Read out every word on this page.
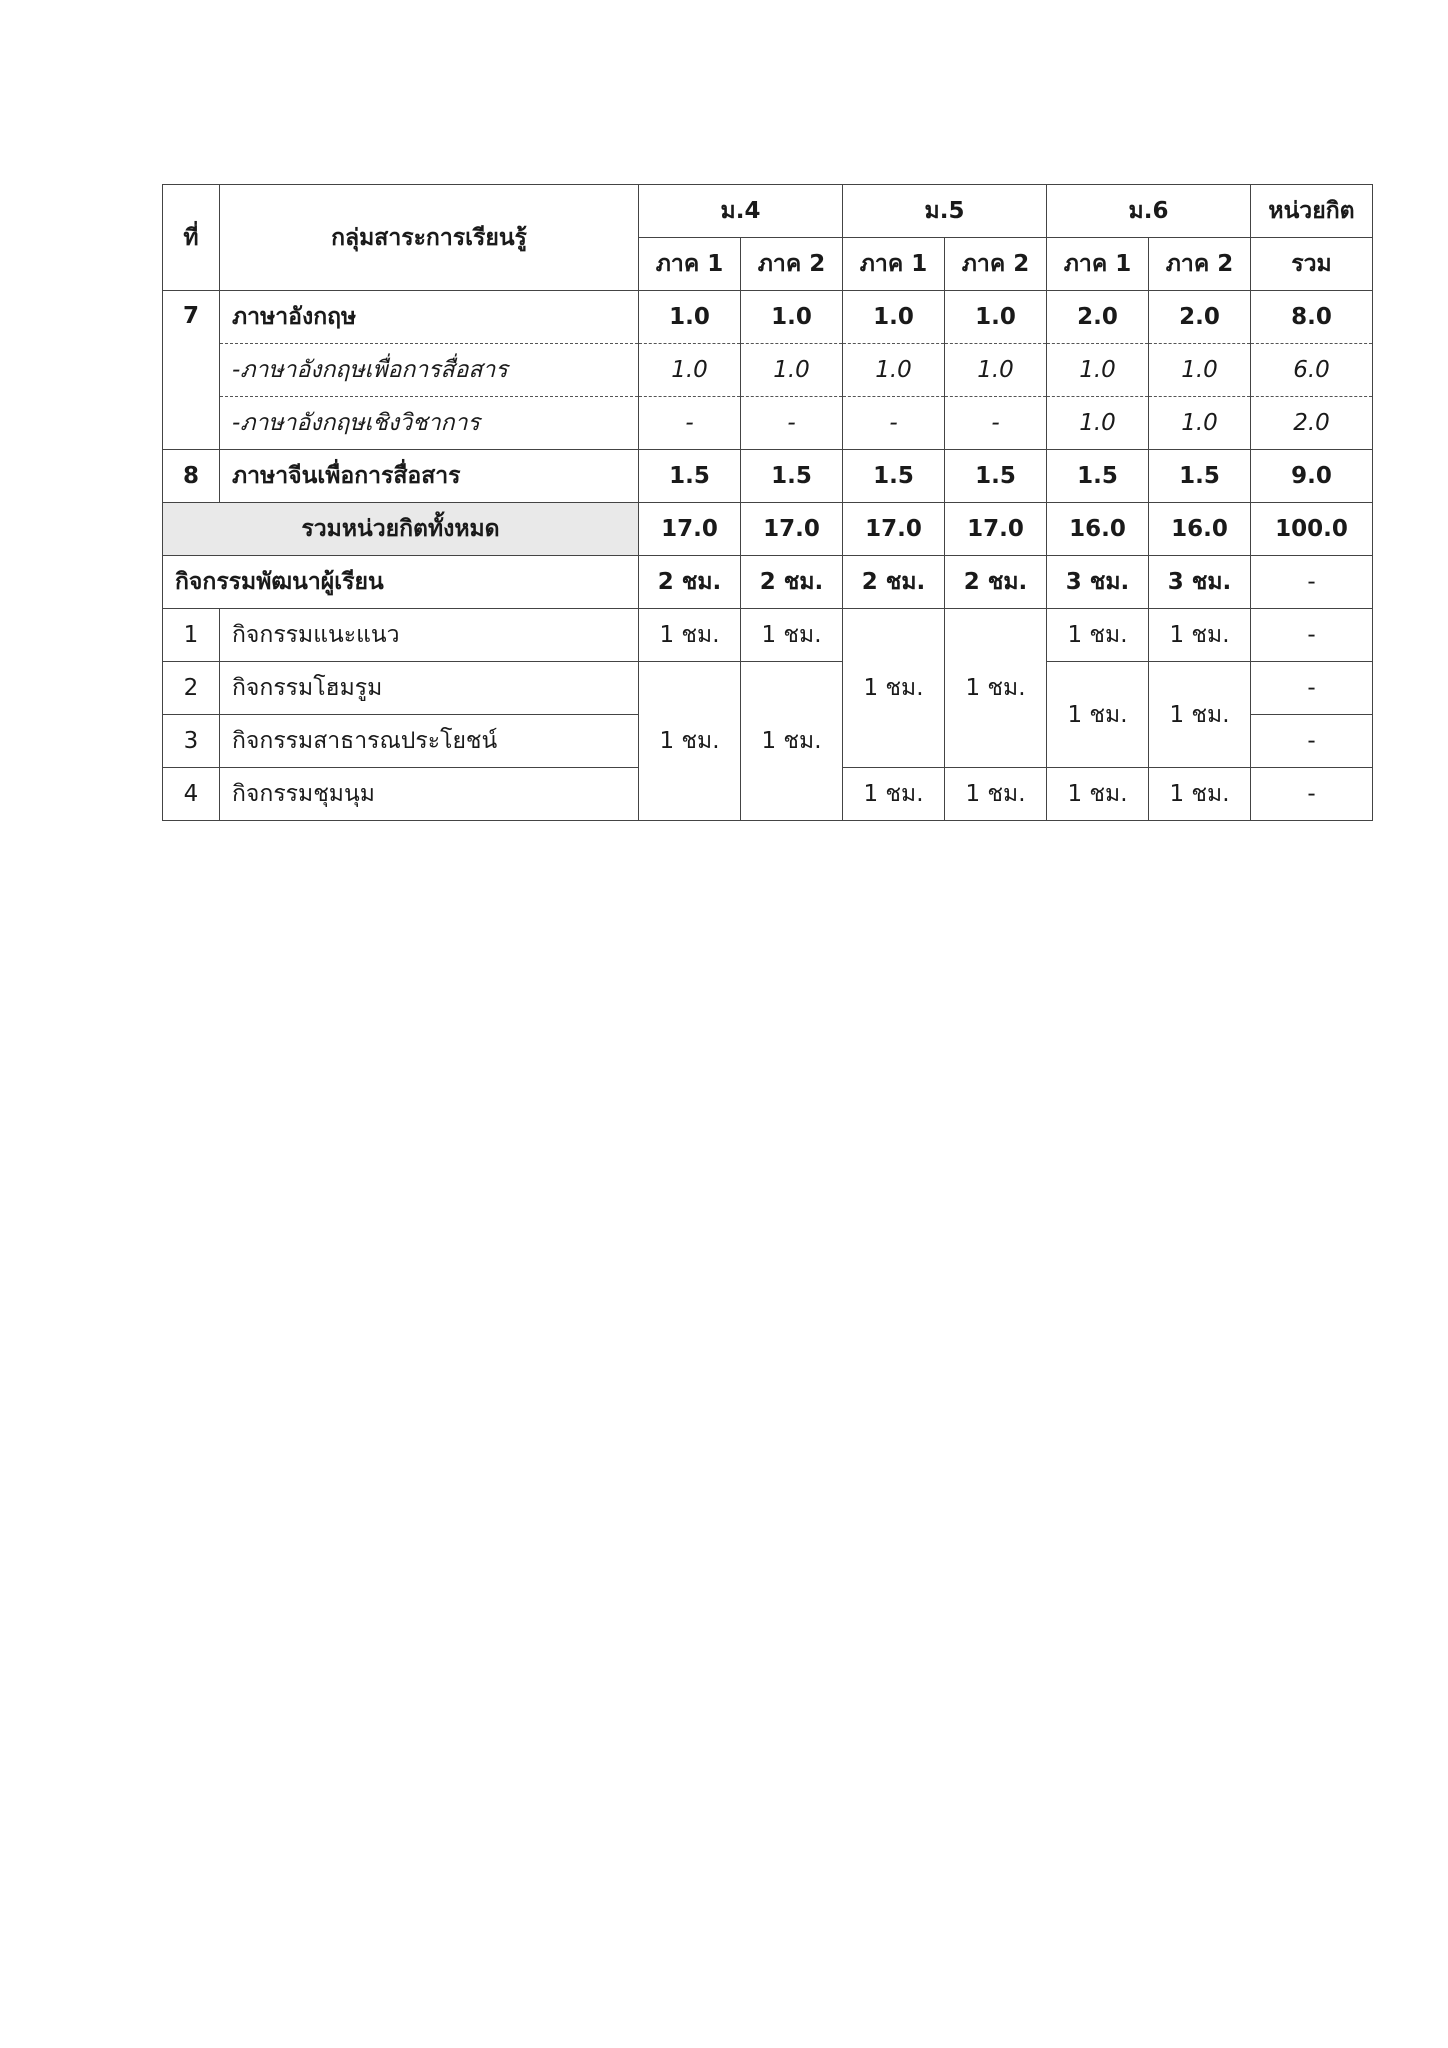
ที่	กลุ่มสาระการเรียนรู้	ม.4		ม.5		ม.6		หน่วยกิต
		ภาค 1	ภาค 2	ภาค 1	ภาค 2	ภาค 1	ภาค 2	รวม
7	ภาษาอังกฤษ	1.0	1.0	1.0	1.0	2.0	2.0	8.0
	-ภาษาอังกฤษเพื่อการสื่อสาร	1.0	1.0	1.0	1.0	1.0	1.0	6.0
	-ภาษาอังกฤษเชิงวิชาการ	-	-	-	-	1.0	1.0	2.0
8	ภาษาจีนเพื่อการสื่อสาร	1.5	1.5	1.5	1.5	1.5	1.5	9.0
รวมหน่วยกิตทั้งหมด		17.0	17.0	17.0	17.0	16.0	16.0	100.0
กิจกรรมพัฒนาผู้เรียน		2 ชม.	2 ชม.	2 ชม.	2 ชม.	3 ชม.	3 ชม.	-
1	กิจกรรมแนะแนว	1 ชม.	1 ชม.	1 ชม.	1 ชม.	1 ชม.	1 ชม.	-
2	กิจกรรมโฮมรูม	1 ชม.	1 ชม.			1 ชม.	1 ชม.	-
3	กิจกรรมสาธารณประโยชน์							-
4	กิจกรรมชุมนุม			1 ชม.	1 ชม.	1 ชม.	1 ชม.	-
